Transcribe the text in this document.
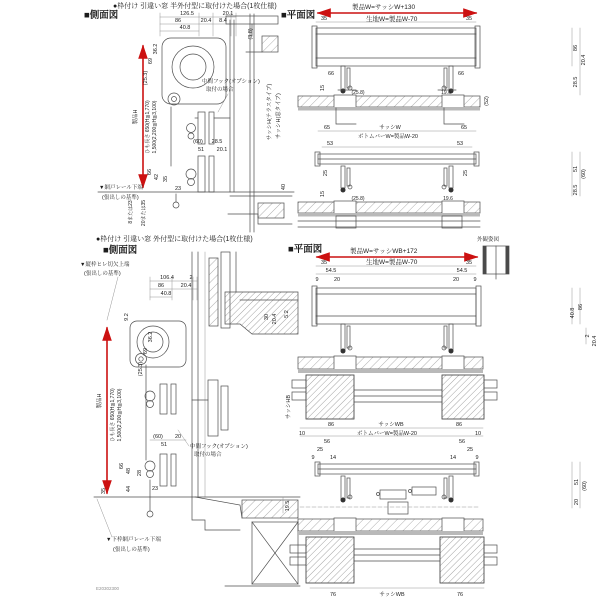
●枠付け 引違い窓 半外付型に取付けた場合(1枚仕様)
■側面図	126.5	20.1
86	20.4 8.4
40.8
36.2
69
(25.3)
(3.8)
製品H ひも長さ 650(H≦1,770) 1,500(2,200≦H≦3,100)
中間フック(オプション)
取付の場合
(60) 28.5
51 20.1
サッシH(テラスタイプ) サッシH(窓タイプ)
40
66
42 35
23
▼網戸レール下端
(張出しの基準)
8または23 20または35
■平面図
製品W=サッシW+130
生地W=製品W-70
35	35
66	66
86
20.4
28.5
(52)
15
(25.8)	19.6
65	65
サッシW
ボトムバーW=製品W-20
53	53
25	25
51
(60)
28.5
15
(25.8)	19.6
●枠付け 引違い窓 外付型に取付けた場合(1枚仕様)
■側面図
▼縦枠ヒレ切欠上端
(張出しの基準)
106.4	2
86	20.4
40.8
9.2
36.2
69
(25.3)
30 20.4 5.2
製品H ひも長さ 650(H≦1,770) 1,500(2,200≦H≦3,100)	(60) 20
51	中間フック(オプション)
取付の場合
66
48 28
23
44
35
サッシHB
19.5
▼下枠網戸レール下端
(張出しの基準)
E20302300
■平面図
外観姿図
製品W=サッシWB+172
生地W=製品W-70
35	35
54.5	54.5
9	20	20	9
86
40.8
2 20.4
サッシWB
86	86
ボトムバーW=製品W-20
10	10
56	56
25	25
9	14	14	9
51 (60)
20
サッシWB
76	76
